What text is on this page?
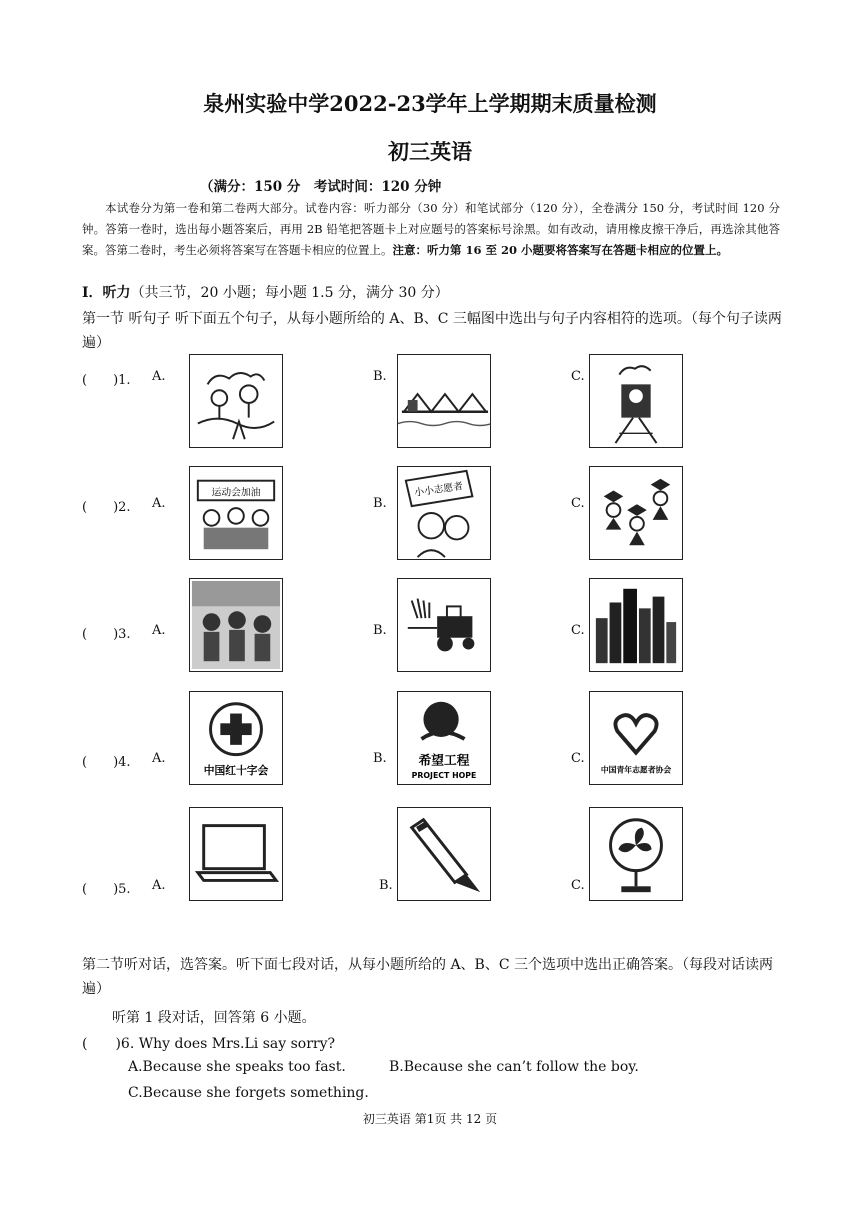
泉州实验中学2022-23学年上学期期末质量检测
初三英语
（满分：150 分　考试时间：120 分钟
本试卷分为第一卷和第二卷两大部分。试卷内容：听力部分（30 分）和笔试部分（120 分），全卷满分 150 分，考试时间 120 分钟。答第一卷时，选出每小题答案后，再用 2B 铅笔把答题卡上对应题号的答案标号涂黑。如有改动，请用橡皮擦干净后，再选涂其他答案。答第二卷时，考生必须将答案写在答题卡相应的位置上。注意：听力第 16 至 20 小题要将答案写在答题卡相应的位置上。
Ⅰ．听力（共三节，20 小题；每小题 1.5 分，满分 30 分）
第一节 听句子 听下面五个句子，从每小题所给的 A、B、C 三幅图中选出与句子内容相符的选项。（每个句子读两遍）
(　　)1. A.	B.	C.
(　　)2. A.
运动会加油
B.
小小志愿者
C.
(　　)3. A.	B.	C.
(　　)4. A.
中国红十字会
B. 希望工程
PROJECT HOPE
C.
中国青年志愿者协会
(　　)5. A.	B.	C.
第二节听对话，选答案。听下面七段对话，从每小题所给的 A、B、C 三个选项中选出正确答案。（每段对话读两遍）
听第 1 段对话，回答第 6 小题。
(　　)6. Why does Mrs.Li say sorry?
A.Because she speaks too fast.	B.Because she can’t follow the boy.
C.Because she forgets something.
初三英语 第1页 共 12 页
